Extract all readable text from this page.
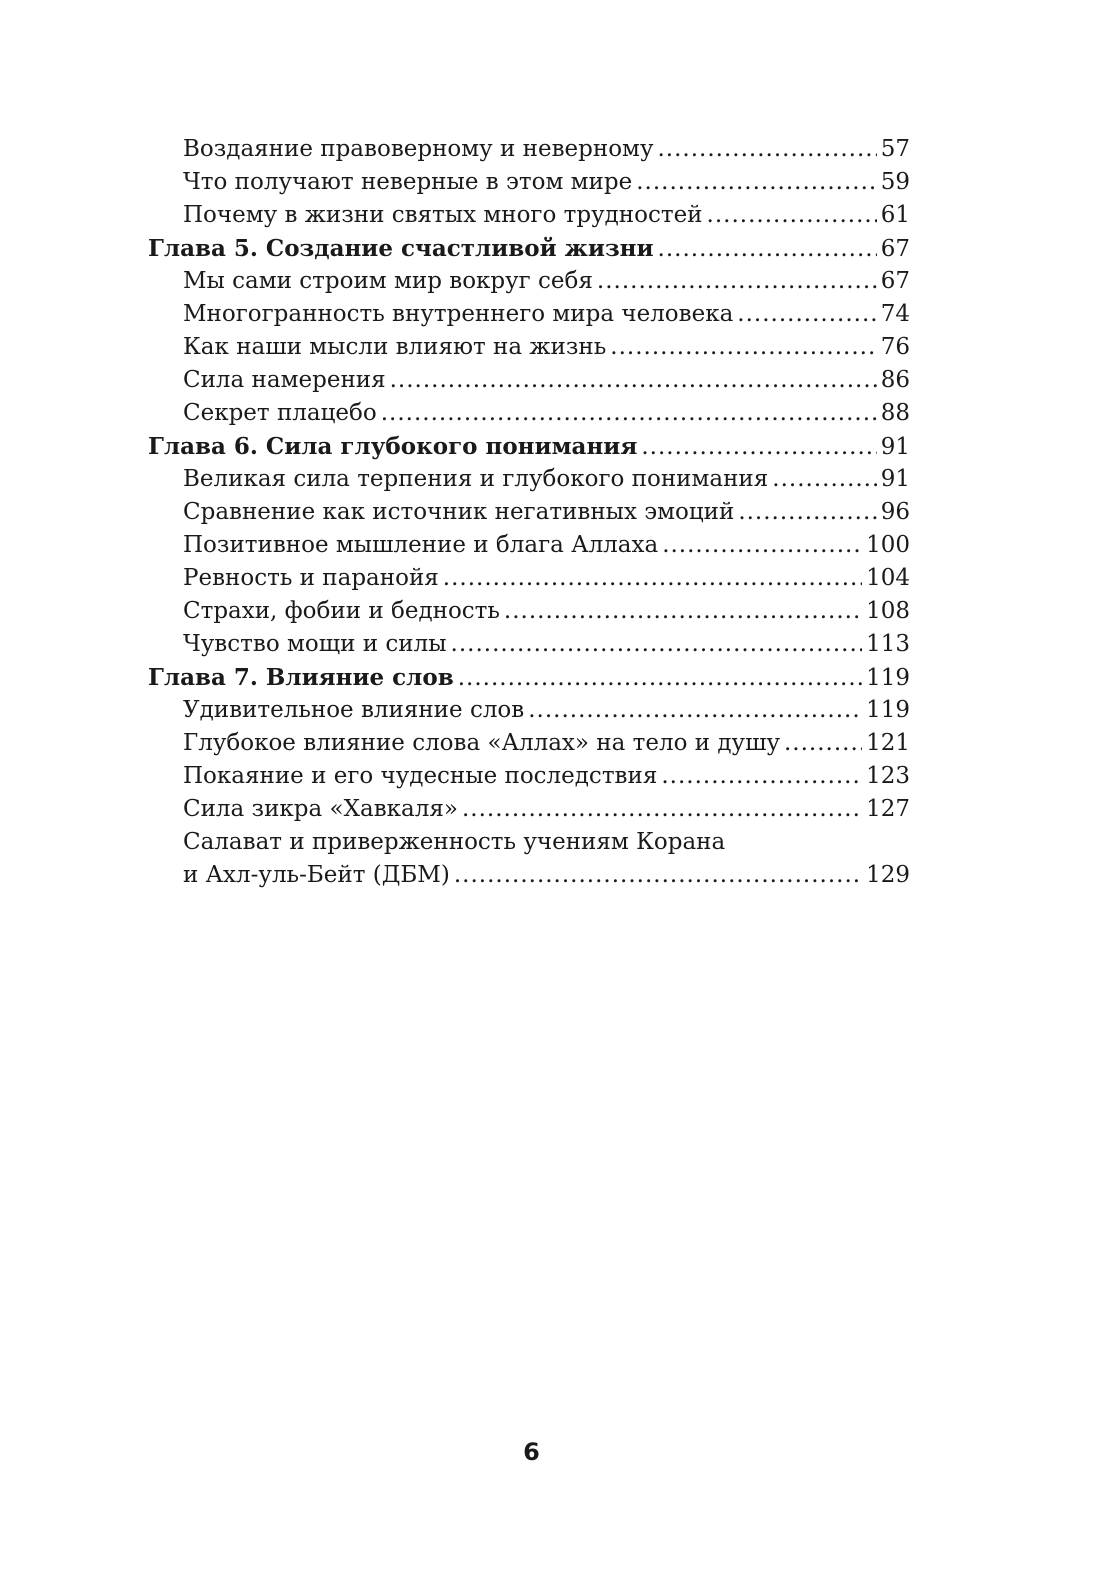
Воздаяние правоверному и неверному .....	57
Что получают неверные в этом мире .....	59
Почему в жизни святых много трудностей .....	61
Глава 5. Создание счастливой жизни .....	67
Мы сами строим мир вокруг себя .....	67
Многогранность внутреннего мира человека .....	74
Как наши мысли влияют на жизнь .....	76
Сила намерения .....	86
Секрет плацебо .....	88
Глава 6. Сила глубокого понимания .....	91
Великая сила терпения и глубокого понимания .....	91
Сравнение как источник негативных эмоций .....	96
Позитивное мышление и блага Аллаха .....	100
Ревность и паранойя .....	104
Страхи, фобии и бедность .....	108
Чувство мощи и силы .....	113
Глава 7. Влияние слов .....	119
Удивительное влияние слов .....	119
Глубокое влияние слова «Аллах» на тело и душу .....	121
Покаяние и его чудесные последствия .....	123
Сила зикра «Хавкаля» .....	127
Салават и приверженность учениям Корана
и Ахл-уль-Бейт (ДБМ) .....	129
6
